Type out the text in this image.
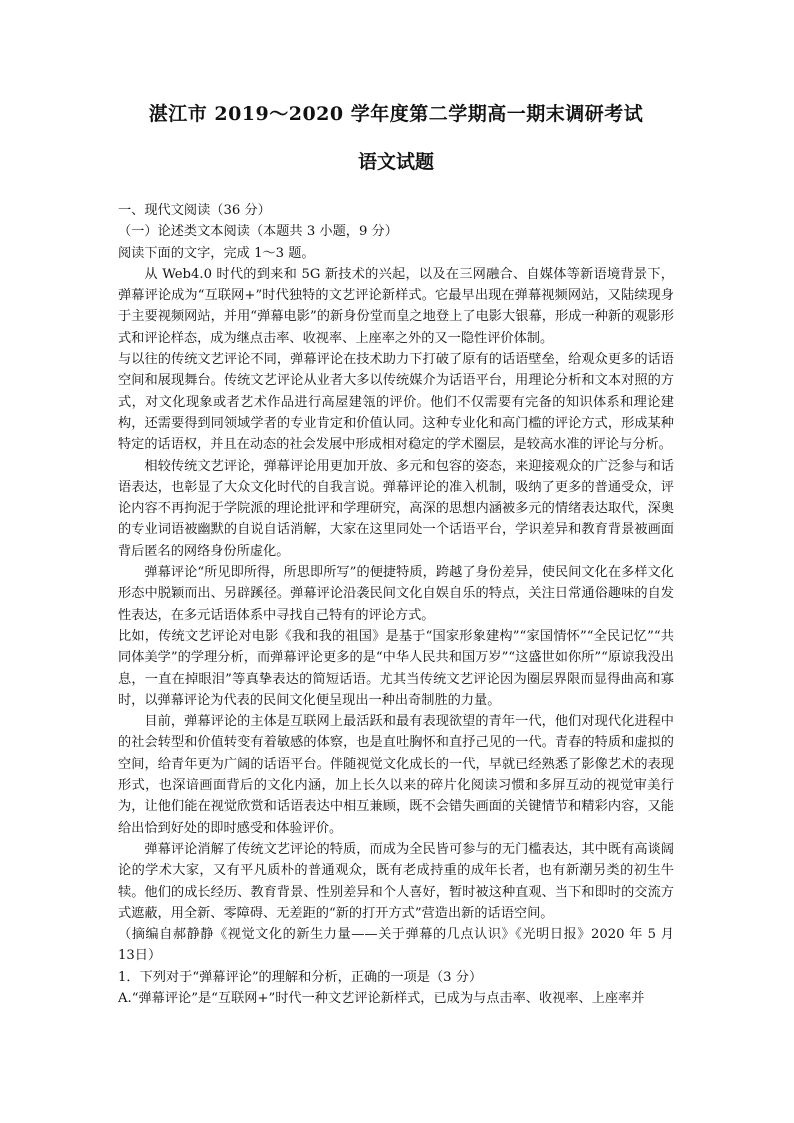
湛江市 2019～2020 学年度第二学期高一期末调研考试
语文试题

一、现代文阅读（36 分）

（一）论述类文本阅读（本题共 3 小题，9 分）

阅读下面的文字，完成 1～3 题。

从 Web4.0 时代的到来和 5G 新技术的兴起，以及在三网融合、自媒体等新语境背景下，弹幕评论成为“互联网+”时代独特的文艺评论新样式。它最早出现在弹幕视频网站，又陆续现身于主要视频网站，并用“弹幕电影”的新身份堂而皇之地登上了电影大银幕，形成一种新的观影形式和评论样态，成为继点击率、收视率、上座率之外的又一隐性评价体制。

与以往的传统文艺评论不同，弹幕评论在技术助力下打破了原有的话语壁垒，给观众更多的话语空间和展现舞台。传统文艺评论从业者大多以传统媒介为话语平台，用理论分析和文本对照的方式，对文化现象或者艺术作品进行高屋建瓴的评价。他们不仅需要有完备的知识体系和理论建构，还需要得到同领域学者的专业肯定和价值认同。这种专业化和高门槛的评论方式，形成某种特定的话语权，并且在动态的社会发展中形成相对稳定的学术圈层，是较高水准的评论与分析。

相较传统文艺评论，弹幕评论用更加开放、多元和包容的姿态，来迎接观众的广泛参与和话语表达，也彰显了大众文化时代的自我言说。弹幕评论的准入机制，吸纳了更多的普通受众，评论内容不再拘泥于学院派的理论批评和学理研究，高深的思想内涵被多元的情绪表达取代，深奥的专业词语被幽默的自说自话消解，大家在这里同处一个话语平台，学识差异和教育背景被画面背后匿名的网络身份所虚化。

弹幕评论“所见即所得，所思即所写”的便捷特质，跨越了身份差异，使民间文化在多样文化形态中脱颖而出、另辟蹊径。弹幕评论沿袭民间文化自娱自乐的特点，关注日常通俗趣味的自发性表达，在多元话语体系中寻找自己特有的评论方式。

比如，传统文艺评论对电影《我和我的祖国》是基于“国家形象建构”“家国情怀”“全民记忆”“共同体美学”的学理分析，而弹幕评论更多的是“中华人民共和国万岁”“这盛世如你所”“原谅我没出息，一直在掉眼泪”等真挚表达的简短话语。尤其当传统文艺评论因为圈层界限而显得曲高和寡时，以弹幕评论为代表的民间文化便呈现出一种出奇制胜的力量。

目前，弹幕评论的主体是互联网上最活跃和最有表现欲望的青年一代，他们对现代化进程中的社会转型和价值转变有着敏感的体察，也是直吐胸怀和直抒己见的一代。青春的特质和虚拟的空间，给青年更为广阔的话语平台。伴随视觉文化成长的一代，早就已经熟悉了影像艺术的表现形式，也深谙画面背后的文化内涵，加上长久以来的碎片化阅读习惯和多屏互动的视觉审美行为，让他们能在视觉欣赏和话语表达中相互兼顾，既不会错失画面的关键情节和精彩内容，又能给出恰到好处的即时感受和体验评价。

弹幕评论消解了传统文艺评论的特质，而成为全民皆可参与的无门槛表达，其中既有高谈阔论的学术大家，又有平凡质朴的普通观众，既有老成持重的成年长者，也有新潮另类的初生牛犊。他们的成长经历、教育背景、性别差异和个人喜好，暂时被这种直观、当下和即时的交流方式遮蔽，用全新、零障碍、无差距的“新的打开方式”营造出新的话语空间。

（摘编自郝静静《视觉文化的新生力量——关于弹幕的几点认识》《光明日报》2020 年 5 月 13日）

1．下列对于“弹幕评论”的理解和分析，正确的一项是（3 分）

A.“弹幕评论”是“互联网+”时代一种文艺评论新样式，已成为与点击率、收视率、上座率并
